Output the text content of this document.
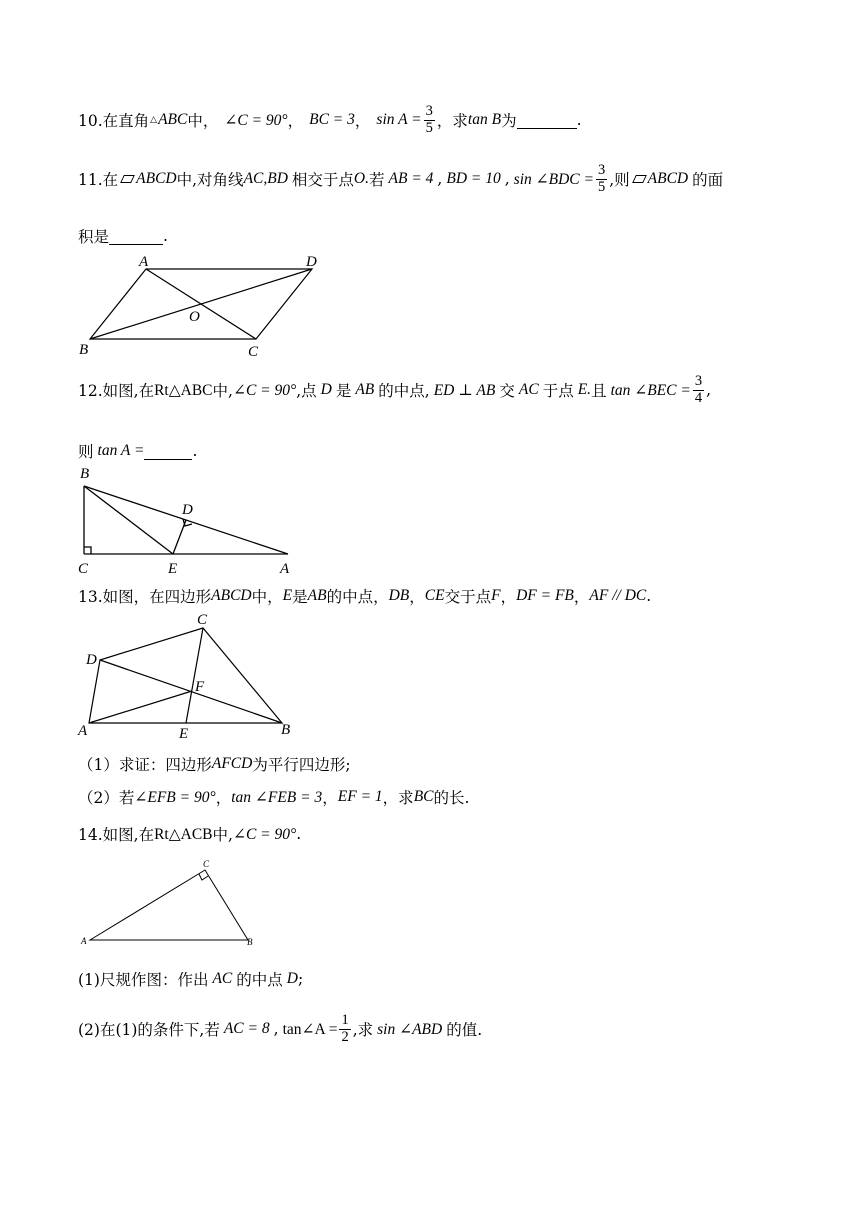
10.在直角 △ ABC 中， ∠C = 90° ， BC = 3 ， $\sin A = \frac{3}{5}$ ，求 tan B 为	.
11.在 ABCD 中,对角线 AC,BD 相交于点 O. 若 AB = 4 , BD = 10 , sin ∠BDC = $\frac{3}{5}$ ,则 ABCD 的面
积是	.
A	D
O
B	C
12.如图,在 Rt△ABC 中, ∠C = 90° ,点 D 是 AB 的中点, ED ⊥ AB 交 AC 于点 E. 且 tan ∠BEC = $\frac{3}{4}$ ,
则 tan A =	.
B
D
C	E	A
13.如图，在四边形 ABCD 中， E 是 AB 的中点， DB ， CE 交于点 F ， DF = FB ， AF // DC .
C
D
F
A	E	B
（1）求证：四边形 AFCD 为平行四边形;
（2）若 ∠EFB = 90° ， tan ∠FEB = 3 ， EF = 1 ，求 BC 的长.
14.如图,在 Rt△ACB 中, ∠C = 90° .
C
A	B
(1)尺规作图：作出 AC 的中点 D ;
(2)在(1)的条件下,若 AC = 8 , tan∠A = $\frac{1}{2}$ ,求 sin ∠ABD 的值.
